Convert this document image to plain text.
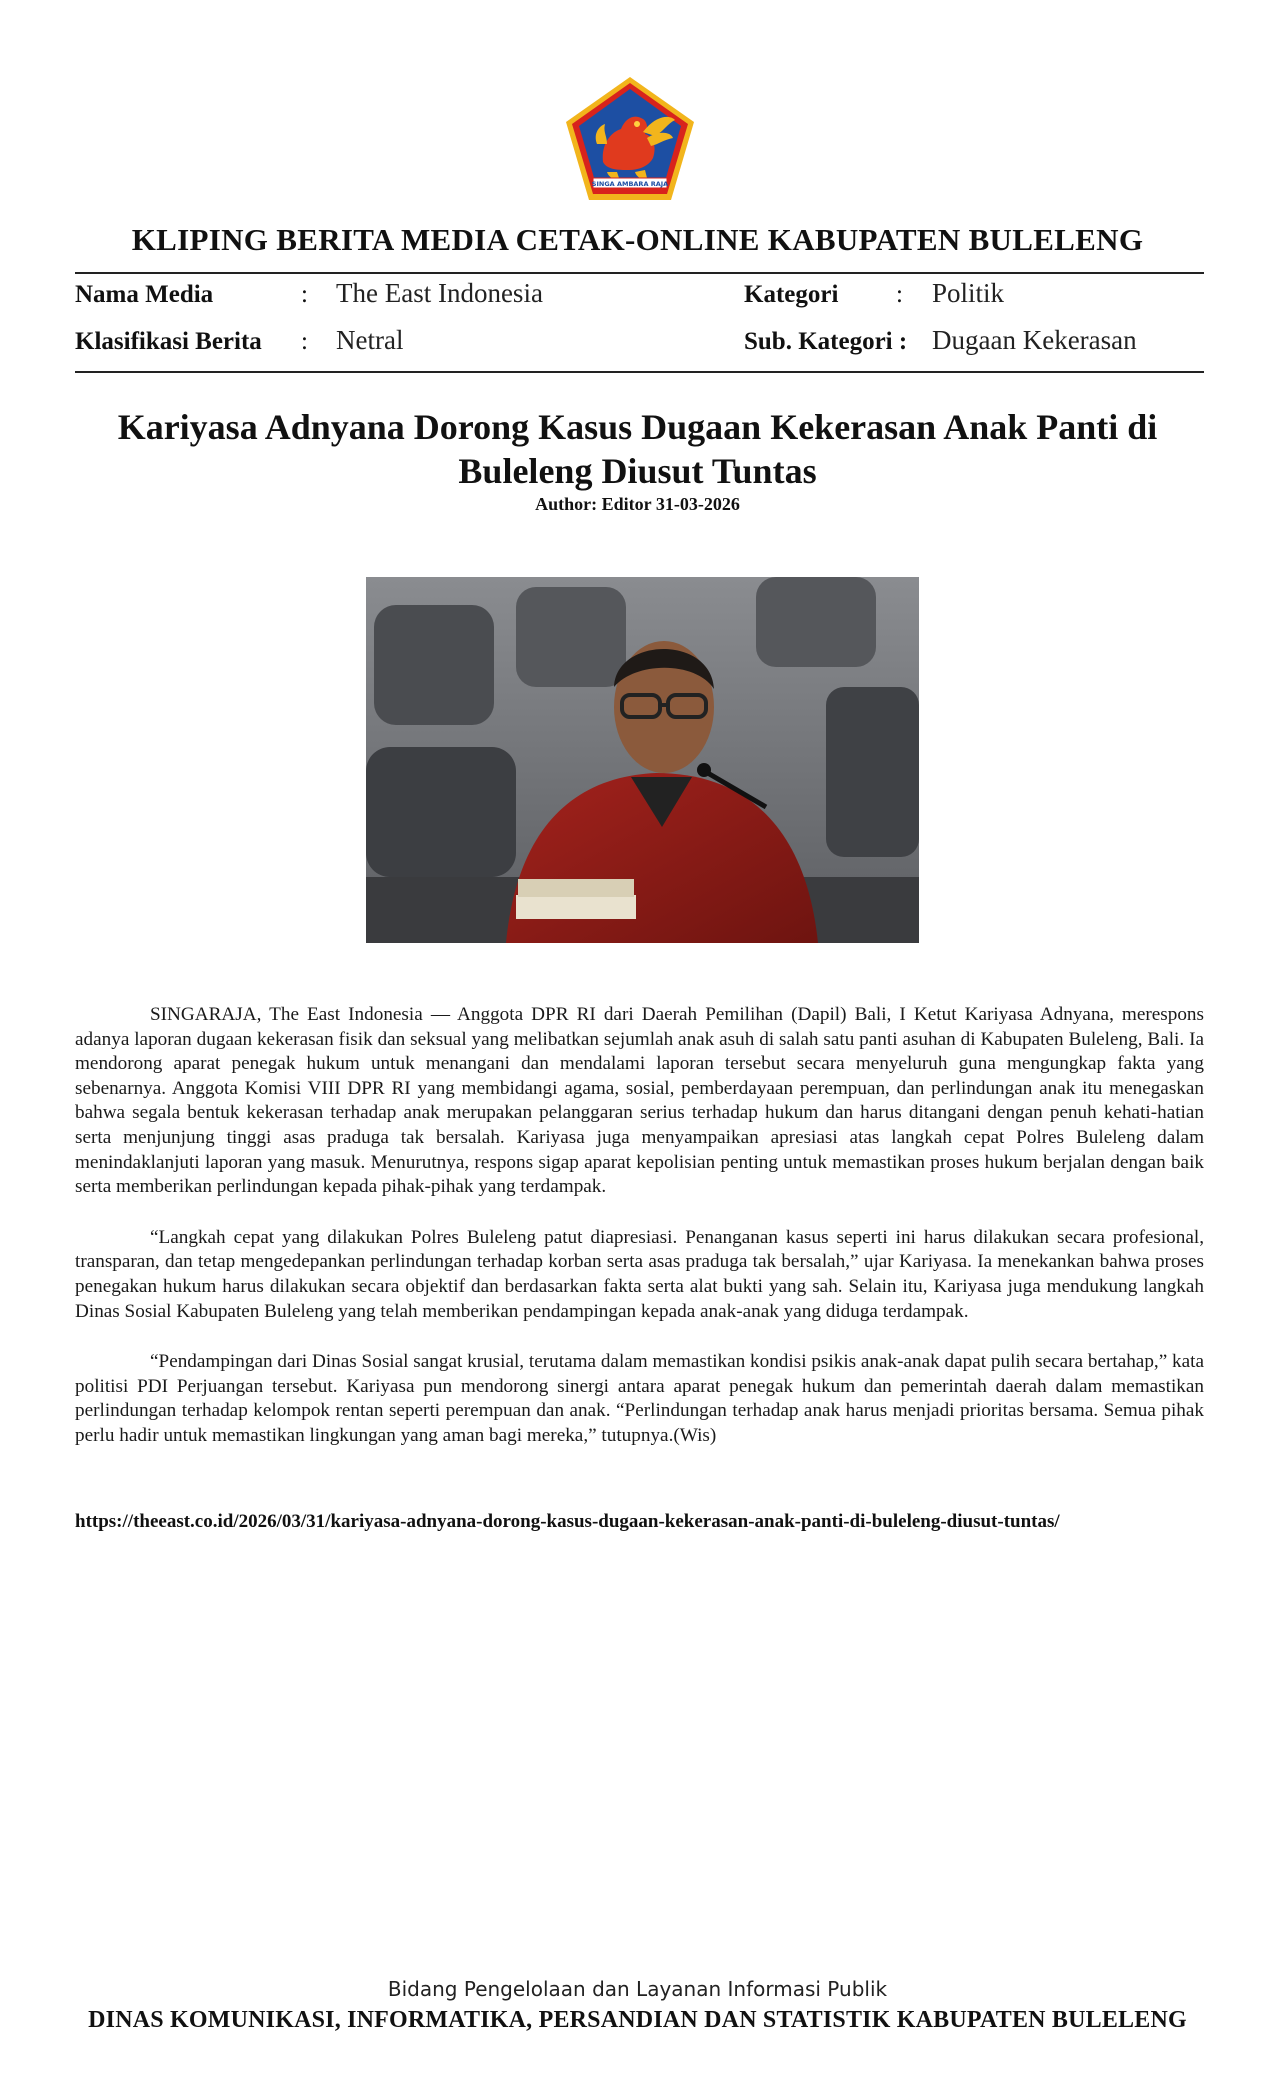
SINGA AMBARA RAJA
KLIPING BERITA MEDIA CETAK-ONLINE KABUPATEN BULELENG
Nama Media	: The East Indonesia	Kategori : Politik
Klasifikasi Berita : Netral	Sub. Kategori : Dugaan Kekerasan
Kariyasa Adnyana Dorong Kasus Dugaan Kekerasan Anak Panti di Buleleng Diusut Tuntas
Author: Editor 31-03-2026

SINGARAJA, The East Indonesia — Anggota DPR RI dari Daerah Pemilihan (Dapil) Bali, I Ketut Kariyasa Adnyana, merespons adanya laporan dugaan kekerasan fisik dan seksual yang melibatkan sejumlah anak asuh di salah satu panti asuhan di Kabupaten Buleleng, Bali. Ia mendorong aparat penegak hukum untuk menangani dan mendalami laporan tersebut secara menyeluruh guna mengungkap fakta yang sebenarnya. Anggota Komisi VIII DPR RI yang membidangi agama, sosial, pemberdayaan perempuan, dan perlindungan anak itu menegaskan bahwa segala bentuk kekerasan terhadap anak merupakan pelanggaran serius terhadap hukum dan harus ditangani dengan penuh kehati-hatian serta menjunjung tinggi asas praduga tak bersalah. Kariyasa juga menyampaikan apresiasi atas langkah cepat Polres Buleleng dalam menindaklanjuti laporan yang masuk. Menurutnya, respons sigap aparat kepolisian penting untuk memastikan proses hukum berjalan dengan baik serta memberikan perlindungan kepada pihak-pihak yang terdampak.

“Langkah cepat yang dilakukan Polres Buleleng patut diapresiasi. Penanganan kasus seperti ini harus dilakukan secara profesional, transparan, dan tetap mengedepankan perlindungan terhadap korban serta asas praduga tak bersalah,” ujar Kariyasa. Ia menekankan bahwa proses penegakan hukum harus dilakukan secara objektif dan berdasarkan fakta serta alat bukti yang sah. Selain itu, Kariyasa juga mendukung langkah Dinas Sosial Kabupaten Buleleng yang telah memberikan pendampingan kepada anak-anak yang diduga terdampak.

“Pendampingan dari Dinas Sosial sangat krusial, terutama dalam memastikan kondisi psikis anak-anak dapat pulih secara bertahap,” kata politisi PDI Perjuangan tersebut. Kariyasa pun mendorong sinergi antara aparat penegak hukum dan pemerintah daerah dalam memastikan perlindungan terhadap kelompok rentan seperti perempuan dan anak. “Perlindungan terhadap anak harus menjadi prioritas bersama. Semua pihak perlu hadir untuk memastikan lingkungan yang aman bagi mereka,” tutupnya.(Wis)

https://theeast.co.id/2026/03/31/kariyasa-adnyana-dorong-kasus-dugaan-kekerasan-anak-panti-di-buleleng-diusut-tuntas/
Bidang Pengelolaan dan Layanan Informasi Publik
DINAS KOMUNIKASI, INFORMATIKA, PERSANDIAN DAN STATISTIK KABUPATEN BULELENG
